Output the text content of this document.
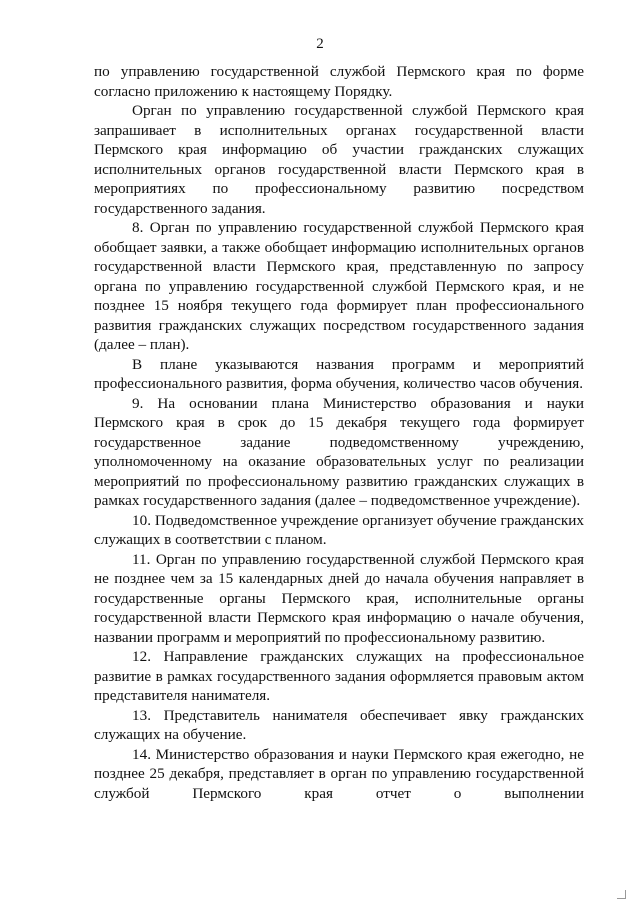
2

по управлению государственной службой Пермского края по форме согласно приложению к настоящему Порядку.

Орган по управлению государственной службой Пермского края запрашивает в исполнительных органах государственной власти Пермского края информацию об участии гражданских служащих исполнительных органов государственной власти Пермского края в мероприятиях по профессиональному развитию посредством государственного задания.

8. Орган по управлению государственной службой Пермского края обобщает заявки, а также обобщает информацию исполнительных органов государственной власти Пермского края, представленную по запросу органа по управлению государственной службой Пермского края, и не позднее 15 ноября текущего года формирует план профессионального развития гражданских служащих посредством государственного задания (далее – план).

В плане указываются названия программ и мероприятий профессионального развития, форма обучения, количество часов обучения.

9. На основании плана Министерство образования и науки Пермского края в срок до 15 декабря текущего года формирует государственное задание подведомственному учреждению, уполномоченному на оказание образовательных услуг по реализации мероприятий по профессиональному развитию гражданских служащих в рамках государственного задания (далее – подведомственное учреждение).

10. Подведомственное учреждение организует обучение гражданских служащих в соответствии с планом.

11. Орган по управлению государственной службой Пермского края не позднее чем за 15 календарных дней до начала обучения направляет в государственные органы Пермского края, исполнительные органы государственной власти Пермского края информацию о начале обучения, названии программ и мероприятий по профессиональному развитию.

12. Направление гражданских служащих на профессиональное развитие в рамках государственного задания оформляется правовым актом представителя нанимателя.

13. Представитель нанимателя обеспечивает явку гражданских служащих на обучение.

14. Министерство образования и науки Пермского края ежегодно, не позднее 25 декабря, представляет в орган по управлению государственной службой Пермского края отчет о выполнении
